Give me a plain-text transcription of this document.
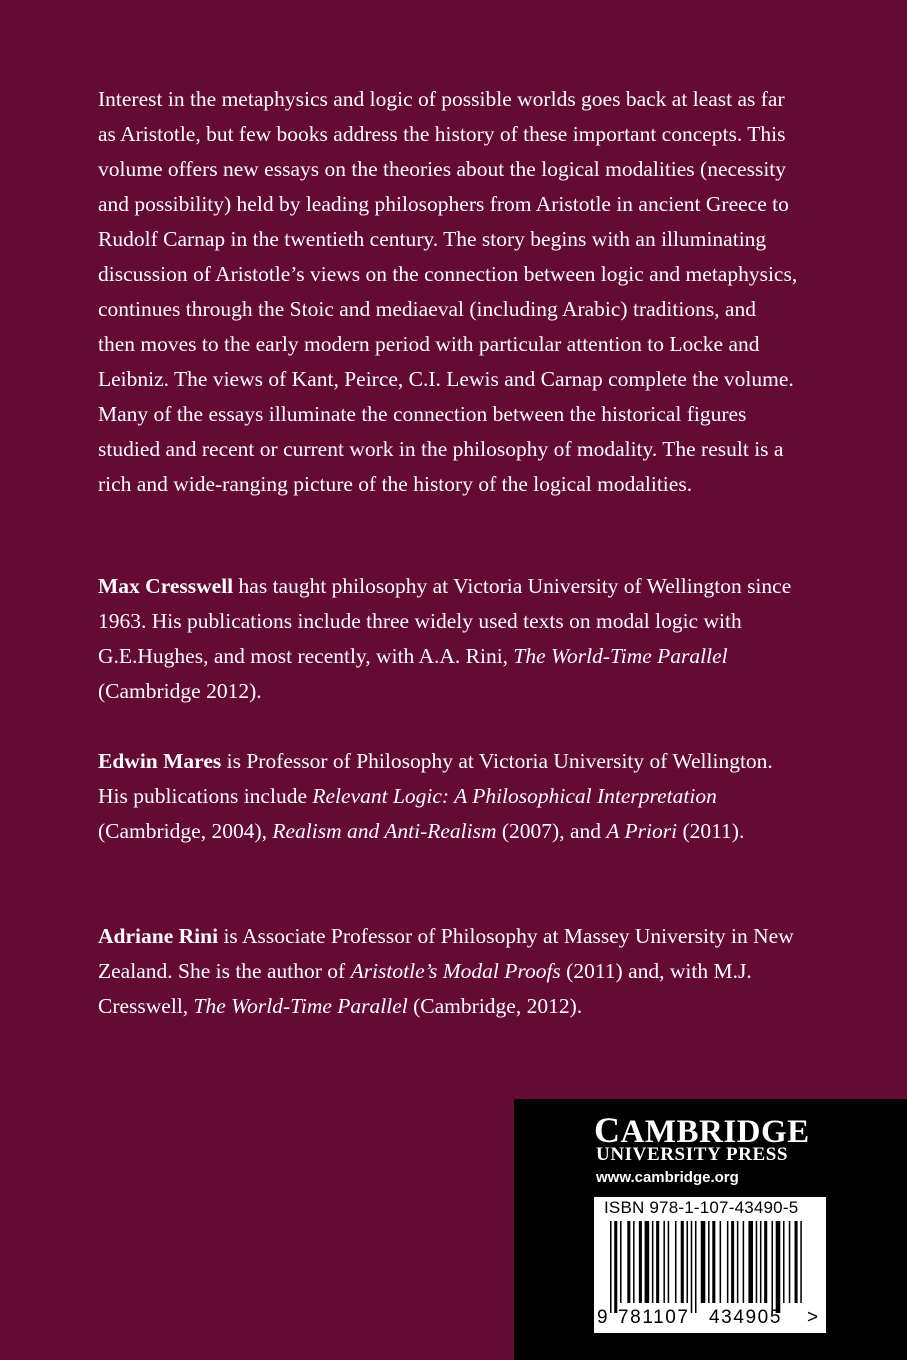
Interest in the metaphysics and logic of possible worlds goes back at least as far as Aristotle, but few books address the history of these important concepts. This volume offers new essays on the theories about the logical modalities (necessity and possibility) held by leading philosophers from Aristotle in ancient Greece to Rudolf Carnap in the twentieth century. The story begins with an illuminating discussion of Aristotle’s views on the connection between logic and metaphysics, continues through the Stoic and mediaeval (including Arabic) traditions, and then moves to the early modern period with particular attention to Locke and Leibniz. The views of Kant, Peirce, C.I. Lewis and Carnap complete the volume. Many of the essays illuminate the connection between the historical figures studied and recent or current work in the philosophy of modality. The result is a rich and wide-ranging picture of the history of the logical modalities.

Max Cresswell has taught philosophy at Victoria University of Wellington since 1963. His publications include three widely used texts on modal logic with G.E.Hughes, and most recently, with A.A. Rini, The World-Time Parallel (Cambridge 2012).

Edwin Mares is Professor of Philosophy at Victoria University of Wellington. His publications include Relevant Logic: A Philosophical Interpretation (Cambridge, 2004), Realism and Anti-Realism (2007), and A Priori (2011).

Adriane Rini is Associate Professor of Philosophy at Massey University in New Zealand. She is the author of Aristotle’s Modal Proofs (2011) and, with M.J. Cresswell, The World-Time Parallel (Cambridge, 2012).

CAMBRIDGE
UNIVERSITY PRESS
www.cambridge.org
ISBN 978-1-107-43490-5
9 781107 434905 >
